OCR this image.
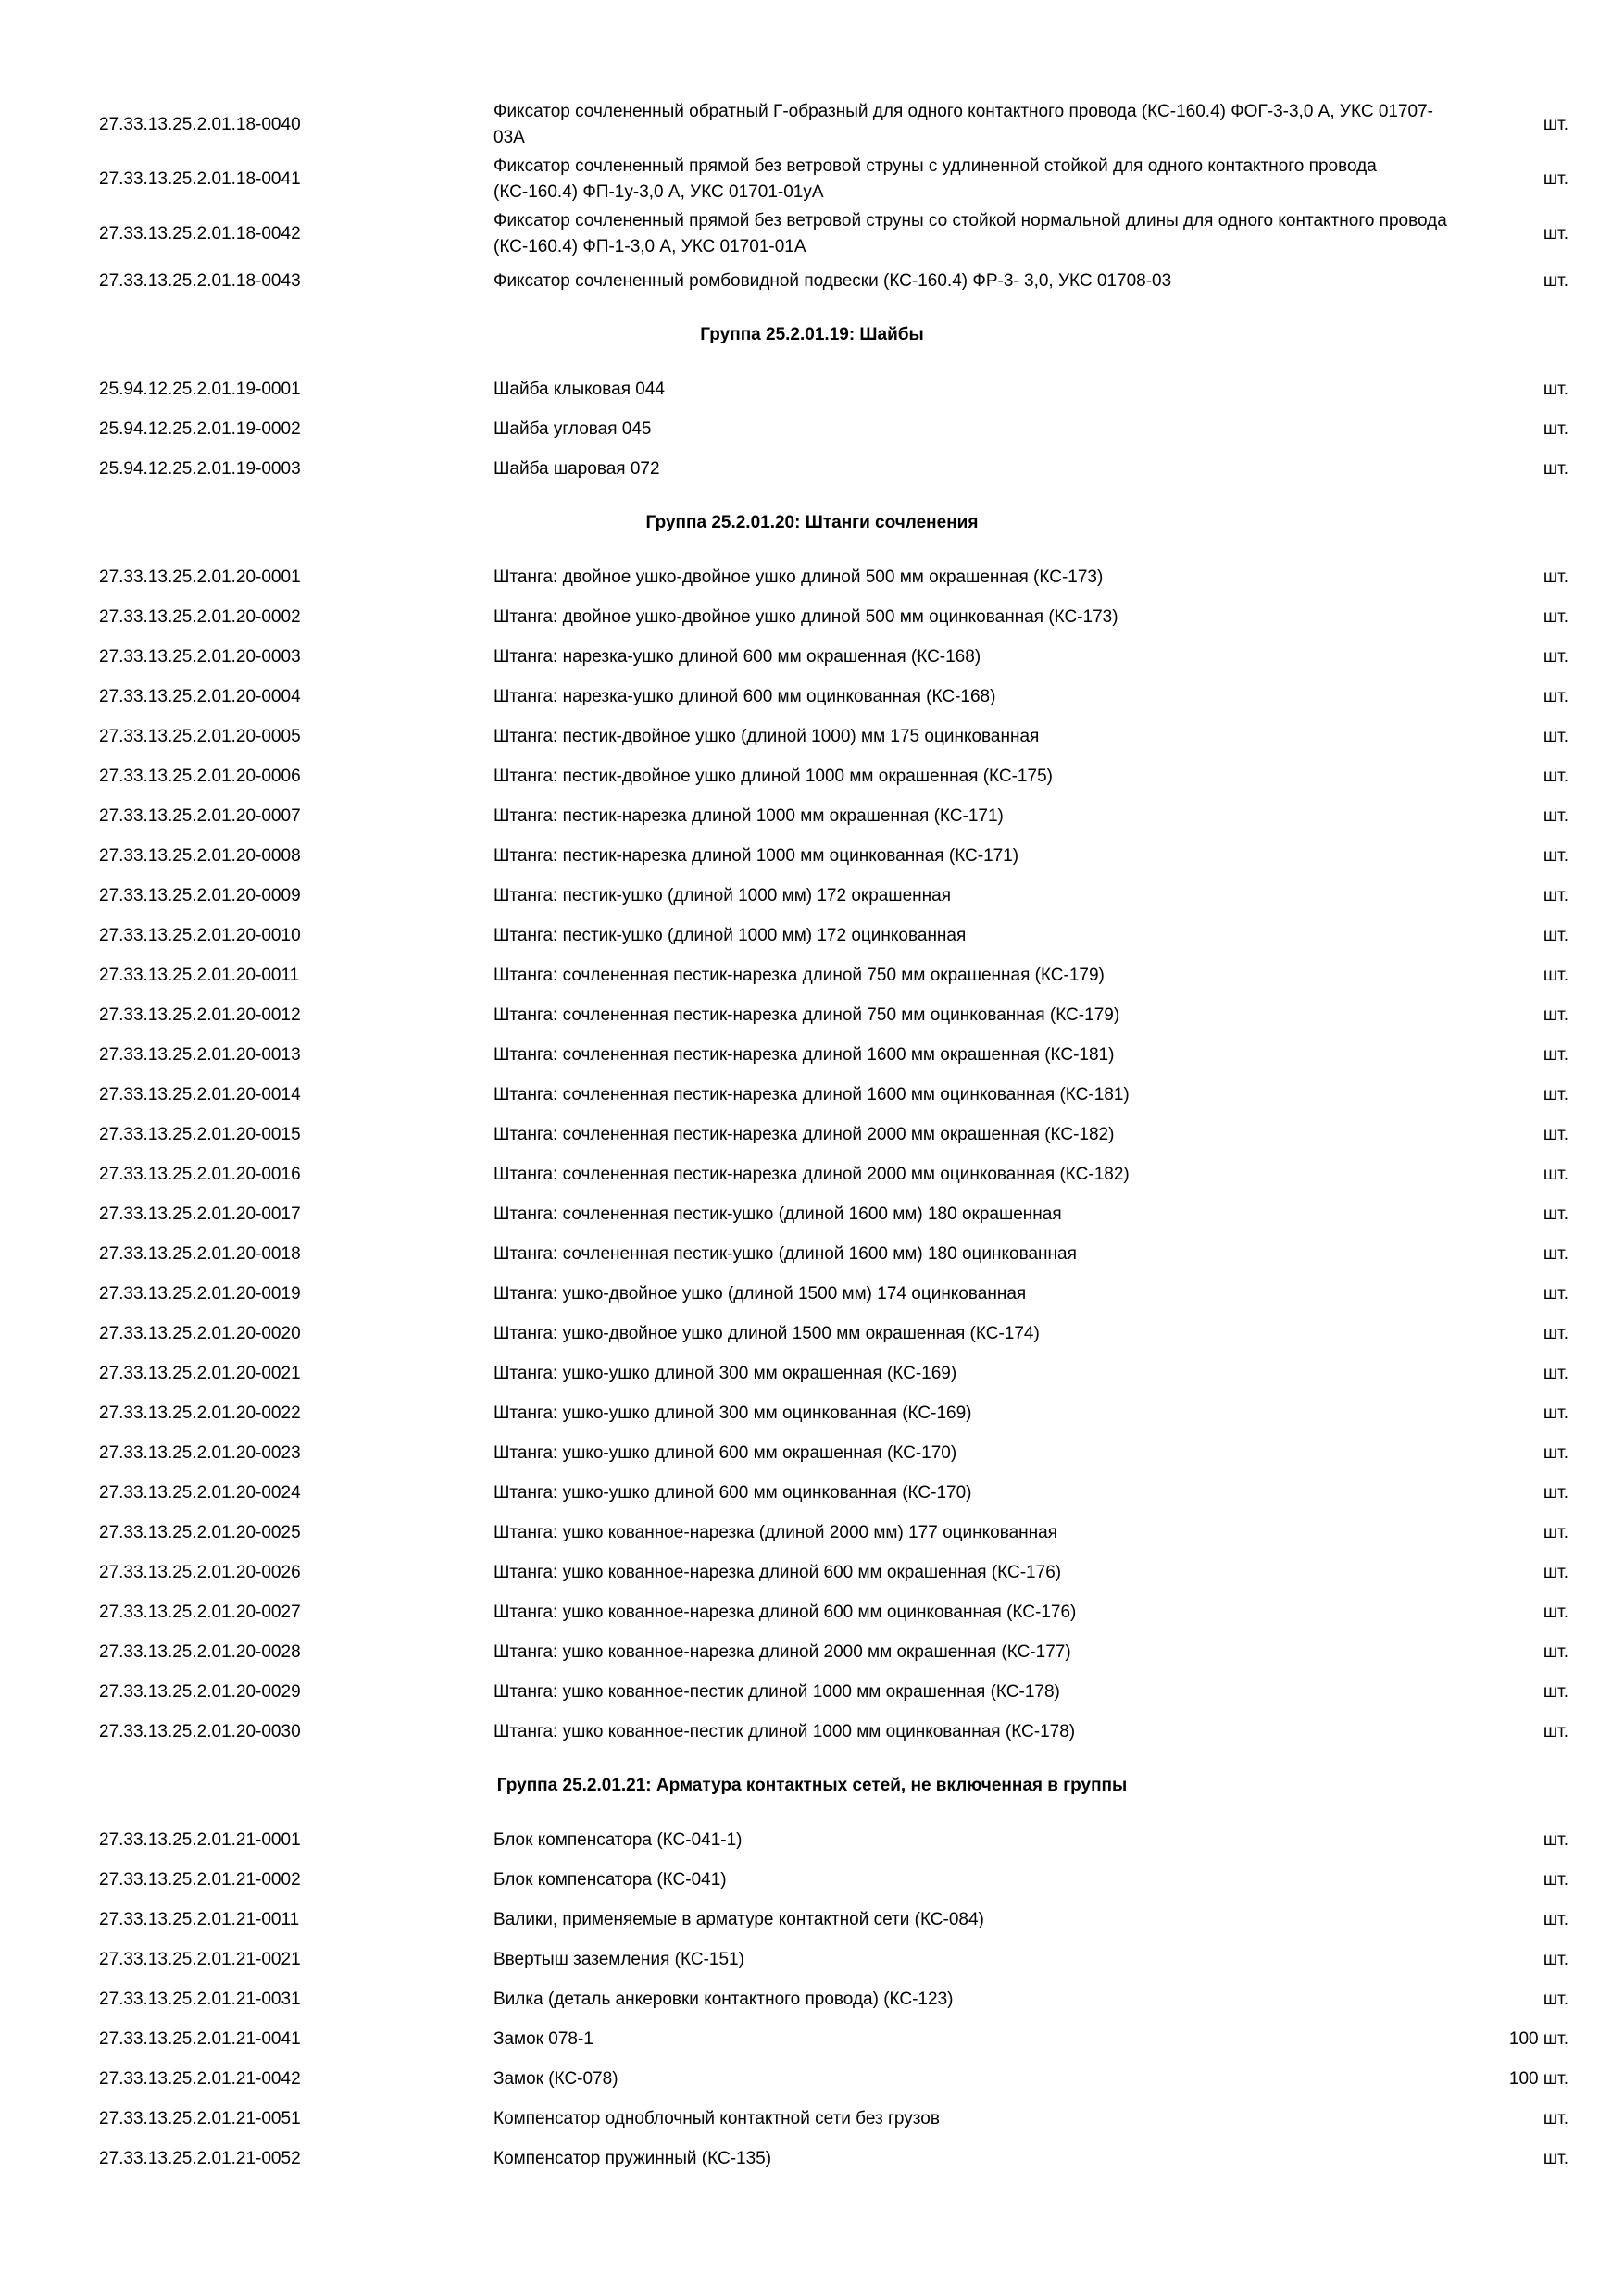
27.33.13.25.2.01.18-0040
Фиксатор сочлененный обратный Г-образный для одного контактного провода (КС-160.4) ФОГ-3-3,0 А, УКС 01707-03А
шт.
27.33.13.25.2.01.18-0041
Фиксатор сочлененный прямой без ветровой струны с удлиненной стойкой для одного контактного провода (КС-160.4) ФП-1у-3,0 А, УКС 01701-01уА
шт.
27.33.13.25.2.01.18-0042
Фиксатор сочлененный прямой без ветровой струны со стойкой нормальной длины для одного контактного провода (КС-160.4) ФП-1-3,0 А, УКС 01701-01А
шт.
27.33.13.25.2.01.18-0043	Фиксатор сочлененный ромбовидной подвески (КС-160.4) ФР-3- 3,0, УКС 01708-03	шт.
Группа 25.2.01.19: Шайбы
25.94.12.25.2.01.19-0001	Шайба клыковая 044	шт.
25.94.12.25.2.01.19-0002	Шайба угловая 045	шт.
25.94.12.25.2.01.19-0003	Шайба шаровая 072	шт.
Группа 25.2.01.20: Штанги сочленения
27.33.13.25.2.01.20-0001	Штанга: двойное ушко-двойное ушко длиной 500 мм окрашенная (КС-173)	шт.
27.33.13.25.2.01.20-0002	Штанга: двойное ушко-двойное ушко длиной 500 мм оцинкованная (КС-173)	шт.
27.33.13.25.2.01.20-0003	Штанга: нарезка-ушко длиной 600 мм окрашенная (КС-168)	шт.
27.33.13.25.2.01.20-0004	Штанга: нарезка-ушко длиной 600 мм оцинкованная (КС-168)	шт.
27.33.13.25.2.01.20-0005	Штанга: пестик-двойное ушко (длиной 1000) мм 175 оцинкованная	шт.
27.33.13.25.2.01.20-0006	Штанга: пестик-двойное ушко длиной 1000 мм окрашенная (КС-175)	шт.
27.33.13.25.2.01.20-0007	Штанга: пестик-нарезка длиной 1000 мм окрашенная (КС-171)	шт.
27.33.13.25.2.01.20-0008	Штанга: пестик-нарезка длиной 1000 мм оцинкованная (КС-171)	шт.
27.33.13.25.2.01.20-0009	Штанга: пестик-ушко (длиной 1000 мм) 172 окрашенная	шт.
27.33.13.25.2.01.20-0010	Штанга: пестик-ушко (длиной 1000 мм) 172 оцинкованная	шт.
27.33.13.25.2.01.20-0011	Штанга: сочлененная пестик-нарезка длиной 750 мм окрашенная (КС-179)	шт.
27.33.13.25.2.01.20-0012	Штанга: сочлененная пестик-нарезка длиной 750 мм оцинкованная (КС-179)	шт.
27.33.13.25.2.01.20-0013	Штанга: сочлененная пестик-нарезка длиной 1600 мм окрашенная (КС-181)	шт.
27.33.13.25.2.01.20-0014	Штанга: сочлененная пестик-нарезка длиной 1600 мм оцинкованная (КС-181)	шт.
27.33.13.25.2.01.20-0015	Штанга: сочлененная пестик-нарезка длиной 2000 мм окрашенная (КС-182)	шт.
27.33.13.25.2.01.20-0016	Штанга: сочлененная пестик-нарезка длиной 2000 мм оцинкованная (КС-182)	шт.
27.33.13.25.2.01.20-0017	Штанга: сочлененная пестик-ушко (длиной 1600 мм) 180 окрашенная	шт.
27.33.13.25.2.01.20-0018	Штанга: сочлененная пестик-ушко (длиной 1600 мм) 180 оцинкованная	шт.
27.33.13.25.2.01.20-0019	Штанга: ушко-двойное ушко (длиной 1500 мм) 174 оцинкованная	шт.
27.33.13.25.2.01.20-0020	Штанга: ушко-двойное ушко длиной 1500 мм окрашенная (КС-174)	шт.
27.33.13.25.2.01.20-0021	Штанга: ушко-ушко длиной 300 мм окрашенная (КС-169)	шт.
27.33.13.25.2.01.20-0022	Штанга: ушко-ушко длиной 300 мм оцинкованная (КС-169)	шт.
27.33.13.25.2.01.20-0023	Штанга: ушко-ушко длиной 600 мм окрашенная (КС-170)	шт.
27.33.13.25.2.01.20-0024	Штанга: ушко-ушко длиной 600 мм оцинкованная (КС-170)	шт.
27.33.13.25.2.01.20-0025	Штанга: ушко кованное-нарезка (длиной 2000 мм) 177 оцинкованная	шт.
27.33.13.25.2.01.20-0026	Штанга: ушко кованное-нарезка длиной 600 мм окрашенная (КС-176)	шт.
27.33.13.25.2.01.20-0027	Штанга: ушко кованное-нарезка длиной 600 мм оцинкованная (КС-176)	шт.
27.33.13.25.2.01.20-0028	Штанга: ушко кованное-нарезка длиной 2000 мм окрашенная (КС-177)	шт.
27.33.13.25.2.01.20-0029	Штанга: ушко кованное-пестик длиной 1000 мм окрашенная (КС-178)	шт.
27.33.13.25.2.01.20-0030	Штанга: ушко кованное-пестик длиной 1000 мм оцинкованная (КС-178)	шт.
Группа 25.2.01.21: Арматура контактных сетей, не включенная в группы
27.33.13.25.2.01.21-0001	Блок компенсатора (КС-041-1)	шт.
27.33.13.25.2.01.21-0002	Блок компенсатора (КС-041)	шт.
27.33.13.25.2.01.21-0011	Валики, применяемые в арматуре контактной сети (КС-084)	шт.
27.33.13.25.2.01.21-0021	Ввертыш заземления (КС-151)	шт.
27.33.13.25.2.01.21-0031	Вилка (деталь анкеровки контактного провода) (КС-123)	шт.
27.33.13.25.2.01.21-0041	Замок 078-1	100 шт.
27.33.13.25.2.01.21-0042	Замок (КС-078)	100 шт.
27.33.13.25.2.01.21-0051	Компенсатор одноблочный контактной сети без грузов	шт.
27.33.13.25.2.01.21-0052	Компенсатор пружинный (КС-135)	шт.
